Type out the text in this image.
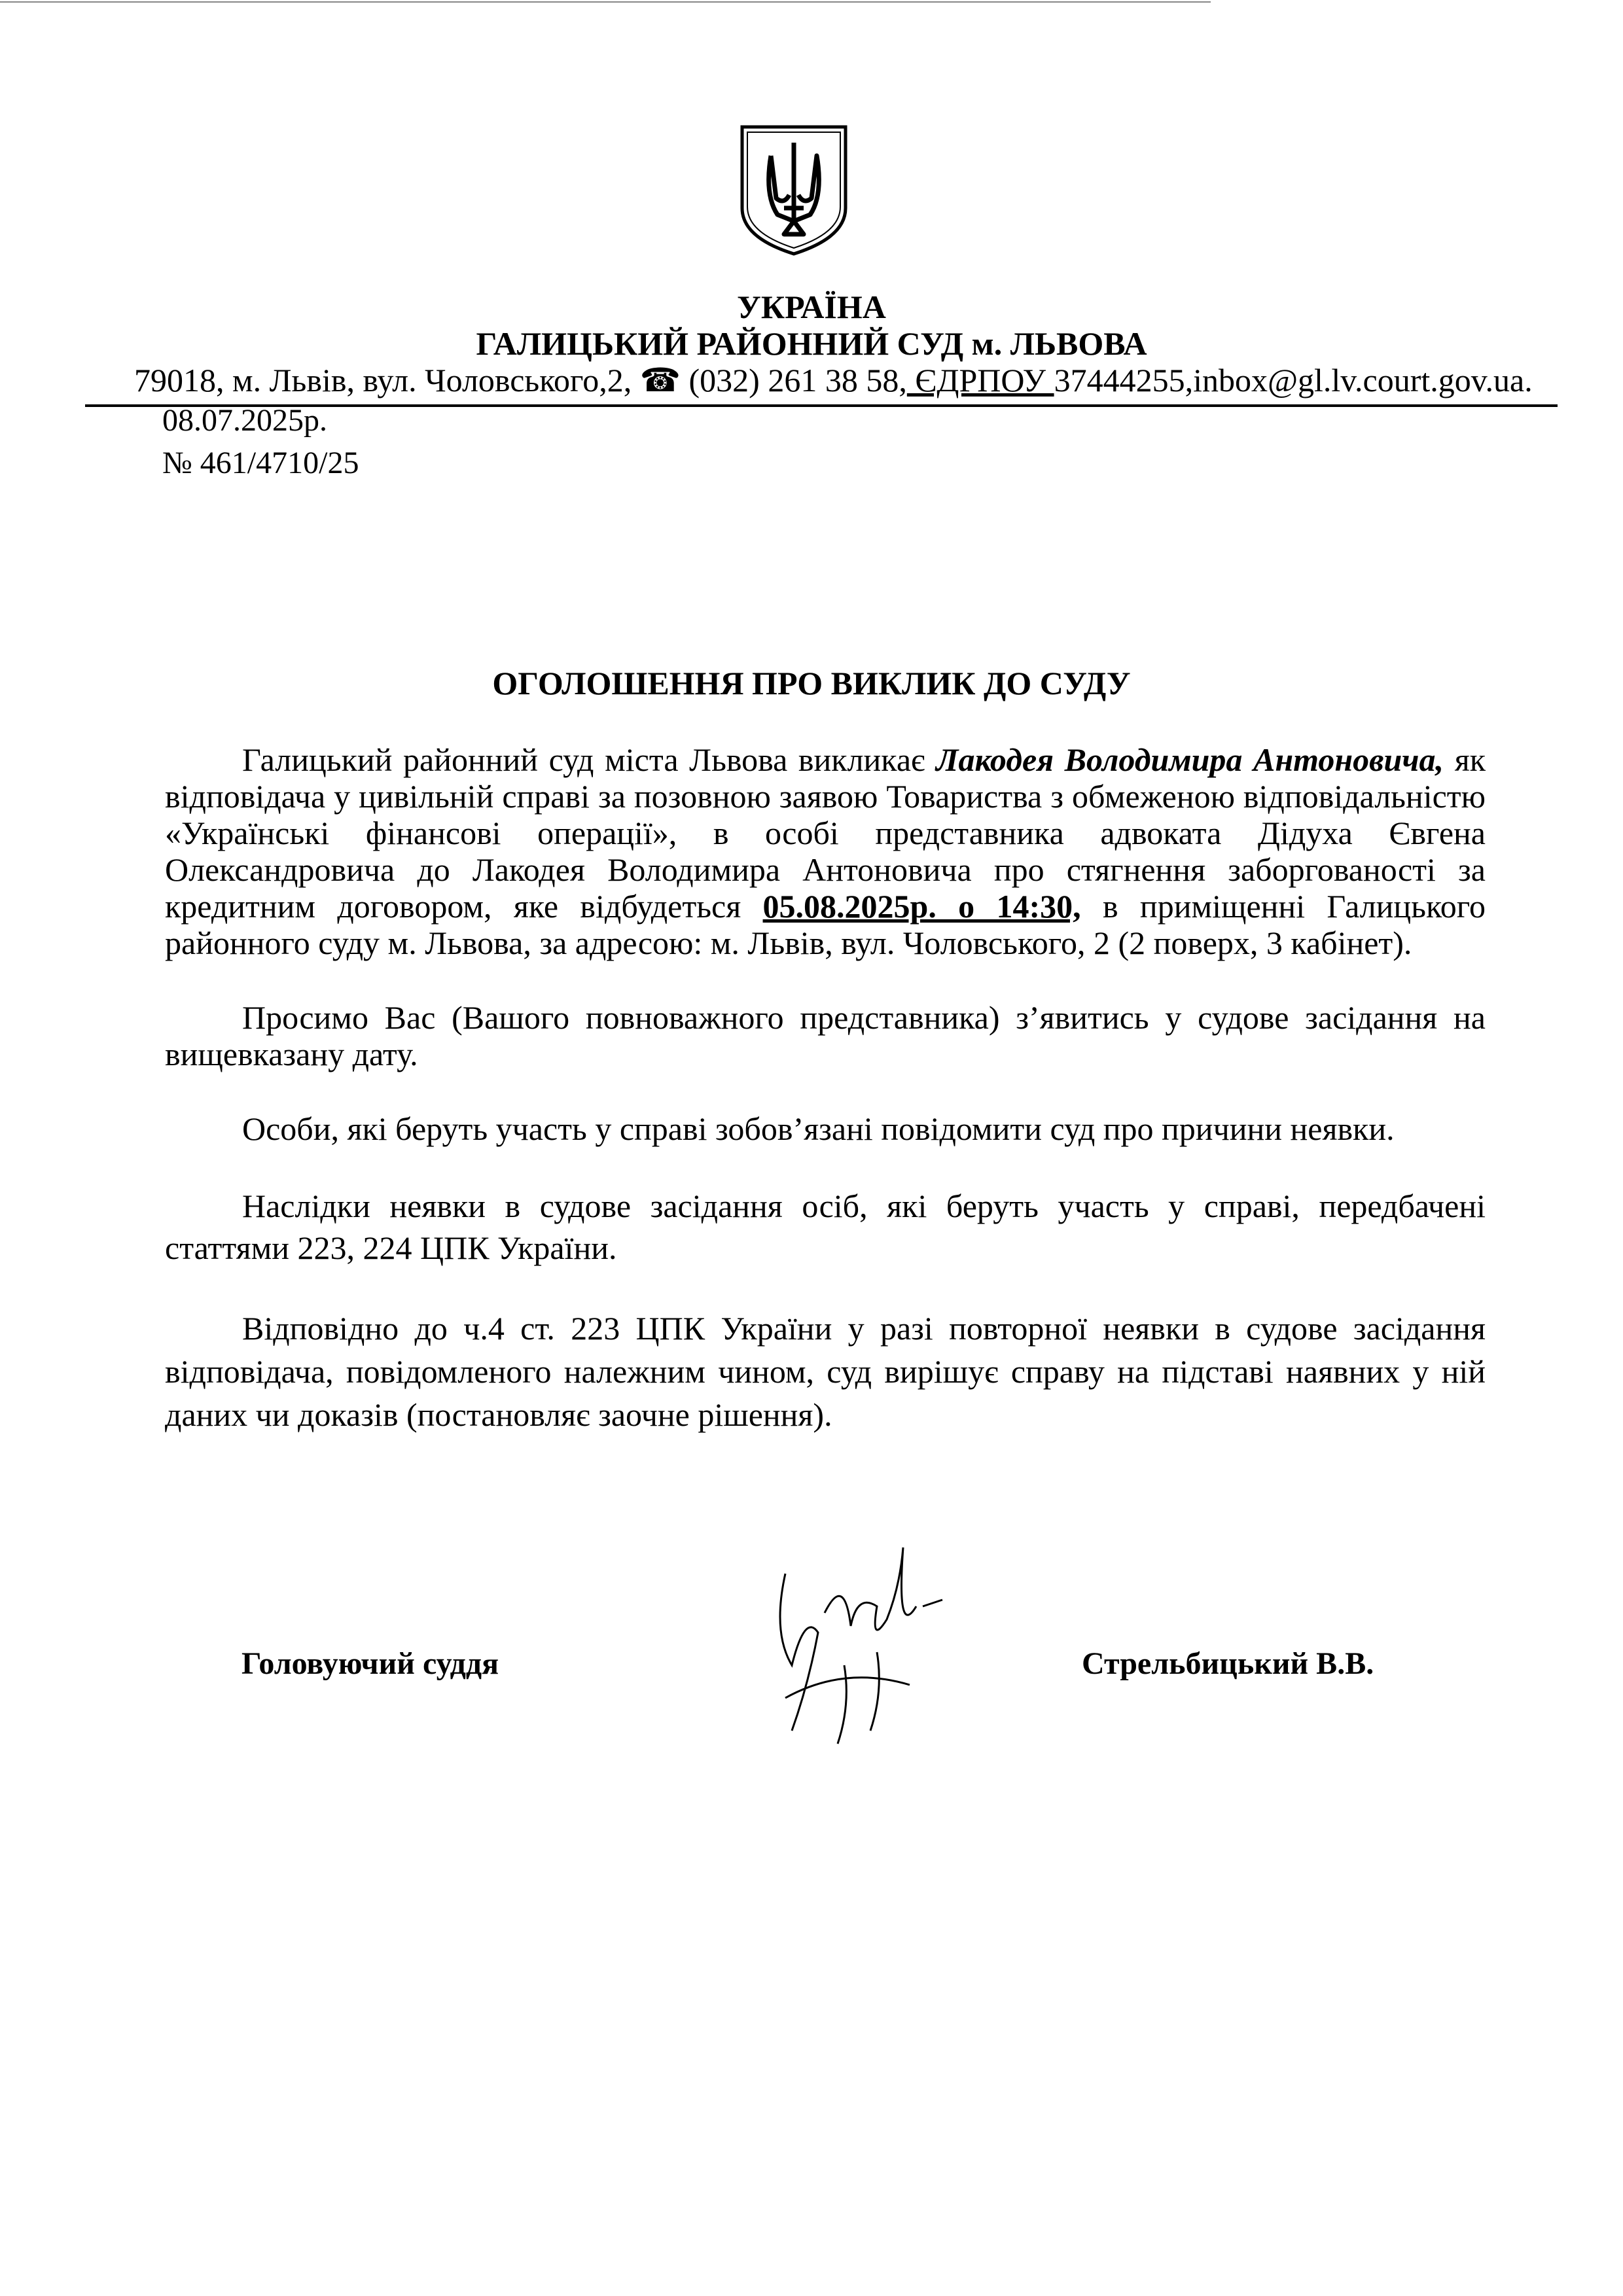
УКРАЇНА
ГАЛИЦЬКИЙ РАЙОННИЙ СУД м. ЛЬВОВА
79018, м. Львів, вул. Чоловського,2, ☎ (032) 261 38 58, ЄДРПОУ 37444255,inbox@gl.lv.court.gov.ua.
08.07.2025р.
№ 461/4710/25
ОГОЛОШЕННЯ ПРО ВИКЛИК ДО СУДУ

Галицький районний суд міста Львова викликає Лакодея Володимира Антоновича, як відповідача у цивільній справі за позовною заявою Товариства з обмеженою відповідальністю «Українські фінансові операції», в особі представника адвоката Дідуха Євгена Олександровича до Лакодея Володимира Антоновича про стягнення заборгованості за кредитним договором, яке відбудеться 05.08.2025р. о 14:30, в приміщенні Галицького районного суду м. Львова, за адресою: м. Львів, вул. Чоловського, 2 (2 поверх, 3 кабінет).

Просимо Вас (Вашого повноважного представника) з’явитись у судове засідання на вищевказану дату.

Особи, які беруть участь у справі зобов’язані повідомити суд про причини неявки.

Наслідки неявки в судове засідання осіб, які беруть участь у справі, передбачені статтями 223, 224 ЦПК України.

Відповідно до ч.4 ст. 223 ЦПК України у разі повторної неявки в судове засідання відповідача, повідомленого належним чином, суд вирішує справу на підставі наявних у ній даних чи доказів (постановляє заочне рішення).

Головуючий суддя	Стрельбицький В.В.
